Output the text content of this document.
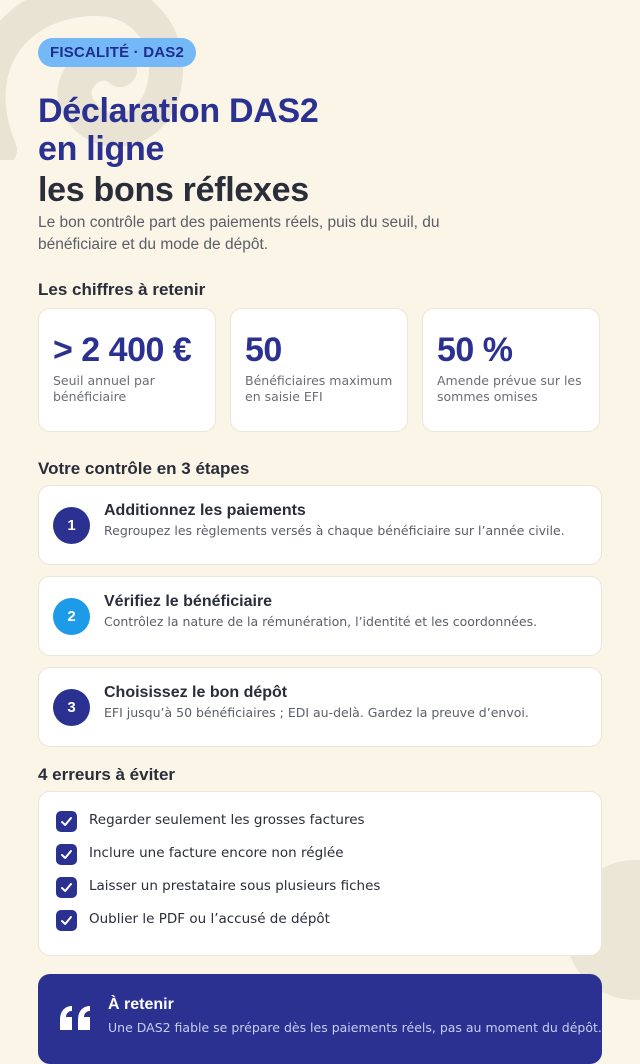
FISCALITÉ · DAS2
Déclaration DAS2
en ligne
les bons réflexes

Le bon contrôle part des paiements réels, puis du seuil, du bénéficiaire et du mode de dépôt.

Les chiffres à retenir
> 2 400 €
Seuil annuel par bénéficiaire
50
Bénéficiaires maximum en saisie EFI
50 %
Amende prévue sur les sommes omises
Votre contrôle en 3 étapes
1
Additionnez les paiements
Regroupez les règlements versés à chaque bénéficiaire sur l’année civile.
2
Vérifiez le bénéficiaire
Contrôlez la nature de la rémunération, l’identité et les coordonnées.
3
Choisissez le bon dépôt
EFI jusqu’à 50 bénéficiaires ; EDI au-delà. Gardez la preuve d’envoi.
4 erreurs à éviter
Regarder seulement les grosses factures
Inclure une facture encore non réglée
Laisser un prestataire sous plusieurs fiches
Oublier le PDF ou l’accusé de dépôt
À retenir
Une DAS2 fiable se prépare dès les paiements réels, pas au moment du dépôt.
